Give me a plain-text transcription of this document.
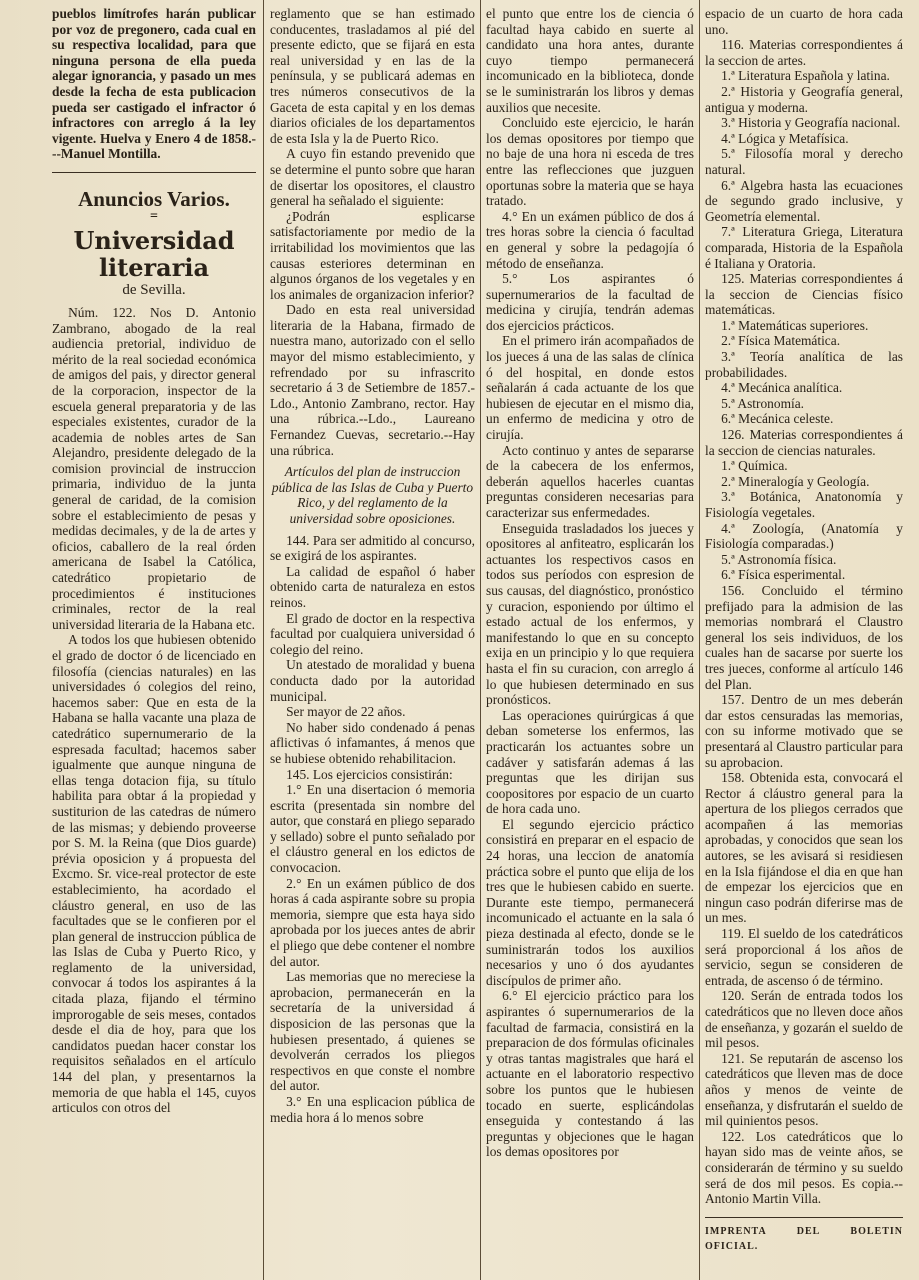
pueblos limítrofes harán publicar por voz de pregonero, cada cual en su respectiva localidad, para que ninguna persona de ella pueda alegar ignorancia, y pasado un mes desde la fecha de esta publicacion pueda ser castigado el infractor ó infractores con arreglo á la ley vigente. Huelva y Enero 4 de 1858.---Manuel Montilla.

Anuncios Varios.
=
Universidad literaria
de Sevilla.

Núm. 122. Nos D. Antonio Zambrano, abogado de la real audiencia pretorial, individuo de mérito de la real sociedad económica de amigos del pais, y director general de la corporacion, inspector de la escuela general preparatoria y de las especiales existentes, curador de la academia de nobles artes de San Alejandro, presidente delegado de la comision provincial de instruccion primaria, individuo de la junta general de caridad, de la comision sobre el establecimiento de pesas y medidas decimales, y de la de artes y oficios, caballero de la real órden americana de Isabel la Católica, catedrático propietario de procedimientos é instituciones criminales, rector de la real universidad literaria de la Habana etc.

A todos los que hubiesen obtenido el grado de doctor ó de licenciado en filosofía (ciencias naturales) en las universidades ó colegios del reino, hacemos saber: Que en esta de la Habana se halla vacante una plaza de catedrático supernumerario de la espresada facultad; hacemos saber igualmente que aunque ninguna de ellas tenga dotacion fija, su título habilita para obtar á la propiedad y sustiturion de las catedras de número de las mismas; y debiendo proveerse por S. M. la Reina (que Dios guarde) prévia oposicion y á propuesta del Excmo. Sr. vice-real protector de este establecimiento, ha acordado el cláustro general, en uso de las facultades que se le confieren por el plan general de instruccion pública de las Islas de Cuba y Puerto Rico, y reglamento de la universidad, convocar á todos los aspirantes á la citada plaza, fijando el término improrogable de seis meses, contados desde el dia de hoy, para que los candidatos puedan hacer constar los requisitos señalados en el artículo 144 del plan, y presentarnos la memoria de que habla el 145, cuyos articulos con otros del

reglamento que se han estimado conducentes, trasladamos al pié del presente edicto, que se fijará en esta real universidad y en las de la península, y se publicará ademas en tres números consecutivos de la Gaceta de esta capital y en los demas diarios oficiales de los departamentos de esta Isla y la de Puerto Rico.

A cuyo fin estando prevenido que se determine el punto sobre que haran de disertar los opositores, el claustro general ha señalado el siguiente:

¿Podrán esplicarse satisfactoriamente por medio de la irritabilidad los movimientos que las causas esteriores determinan en algunos órganos de los vegetales y en los animales de organizacion inferior?

Dado en esta real universidad literaria de la Habana, firmado de nuestra mano, autorizado con el sello mayor del mismo establecimiento, y refrendado por su infrascrito secretario á 3 de Setiembre de 1857.-Ldo., Antonio Zambrano, rector. Hay una rúbrica.--Ldo., Laureano Fernandez Cuevas, secretario.--Hay una rúbrica.

Artículos del plan de instruccion pública de las Islas de Cuba y Puerto Rico, y del reglamento de la universidad sobre oposiciones.

144. Para ser admitido al concurso, se exigirá de los aspirantes.

La calidad de español ó haber obtenido carta de naturaleza en estos reinos.

El grado de doctor en la respectiva facultad por cualquiera universidad ó colegio del reino.

Un atestado de moralidad y buena conducta dado por la autoridad municipal.

Ser mayor de 22 años.

No haber sido condenado á penas aflictivas ó infamantes, á menos que se hubiese obtenido rehabilitacion.

145. Los ejercicios consistirán:

1.° En una disertacion ó memoria escrita (presentada sin nombre del autor, que constará en pliego separado y sellado) sobre el punto señalado por el cláustro general en los edictos de convocacion.

2.° En un exámen público de dos horas á cada aspirante sobre su propia memoria, siempre que esta haya sido aprobada por los jueces antes de abrir el pliego que debe contener el nombre del autor.

Las memorias que no mereciese la aprobacion, permanecerán en la secretaría de la universidad á disposicion de las personas que la hubiesen presentado, á quienes se devolverán cerrados los pliegos respectivos en que conste el nombre del autor.

3.° En una esplicacion pública de media hora á lo menos sobre

el punto que entre los de ciencia ó facultad haya cabido en suerte al candidato una hora antes, durante cuyo tiempo permanecerá incomunicado en la biblioteca, donde se le suministrarán los libros y demas auxilios que necesite.

Concluido este ejercicio, le harán los demas opositores por tiempo que no baje de una hora ni esceda de tres entre las reflecciones que juzguen oportunas sobre la materia que se haya tratado.

4.° En un exámen público de dos á tres horas sobre la ciencia ó facultad en general y sobre la pedagojía ó método de enseñanza.

5.° Los aspirantes ó supernumerarios de la facultad de medicina y cirujía, tendrán ademas dos ejercicios prácticos.

En el primero irán acompañados de los jueces á una de las salas de clínica ó del hospital, en donde estos señalarán á cada actuante de los que hubiesen de ejecutar en el mismo dia, un enfermo de medicina y otro de cirujía.

Acto continuo y antes de separarse de la cabecera de los enfermos, deberán aquellos hacerles cuantas preguntas consideren necesarias para caracterizar sus enfermedades.

Enseguida trasladados los jueces y opositores al anfiteatro, esplicarán los actuantes los respectivos casos en todos sus períodos con espresion de sus causas, del diagnóstico, pronóstico y curacion, esponiendo por último el estado actual de los enfermos, y manifestando lo que en su concepto exija en un principio y lo que requiera hasta el fin su curacion, con arreglo á lo que hubiesen determinado en sus pronósticos.

Las operaciones quirúrgicas á que deban someterse los enfermos, las practicarán los actuantes sobre un cadáver y satisfarán ademas á las preguntas que les dirijan sus coopositores por espacio de un cuarto de hora cada uno.

El segundo ejercicio práctico consistirá en preparar en el espacio de 24 horas, una leccion de anatomía práctica sobre el punto que elija de los tres que le hubiesen cabido en suerte. Durante este tiempo, permanecerá incomunicado el actuante en la sala ó pieza destinada al efecto, donde se le suministrarán todos los auxilios necesarios y uno ó dos ayudantes discípulos de primer año.

6.° El ejercicio práctico para los aspirantes ó supernumerarios de la facultad de farmacia, consistirá en la preparacion de dos fórmulas oficinales y otras tantas magistrales que hará el actuante en el laboratorio respectivo sobre los puntos que le hubiesen tocado en suerte, esplicándolas enseguida y contestando á las preguntas y objeciones que le hagan los demas opositores por

espacio de un cuarto de hora cada uno.

116. Materias correspondientes á la seccion de artes.

1.ª Literatura Española y latina.

2.ª Historia y Geografía general, antigua y moderna.

3.ª Historia y Geografía nacional.

4.ª Lógica y Metafísica.

5.ª Filosofía moral y derecho natural.

6.ª Algebra hasta las ecuaciones de segundo grado inclusive, y Geometría elemental.

7.ª Literatura Griega, Literatura comparada, Historia de la Española é Italiana y Oratoria.

125. Materias correspondientes á la seccion de Ciencias físico matemáticas.

1.ª Matemáticas superiores.

2.ª Física Matemática.

3.ª Teoría analítica de las probabilidades.

4.ª Mecánica analítica.

5.ª Astronomía.

6.ª Mecánica celeste.

126. Materias correspondientes á la seccion de ciencias naturales.

1.ª Química.

2.ª Mineralogía y Geología.

3.ª Botánica, Anatonomía y Fisiología vegetales.

4.ª Zoología, (Anatomía y Fisiología comparadas.)

5.ª Astronomía física.

6.ª Física esperimental.

156. Concluido el término prefijado para la admision de las memorias nombrará el Claustro general los seis individuos, de los cuales han de sacarse por suerte los tres jueces, conforme al artículo 146 del Plan.

157. Dentro de un mes deberán dar estos censuradas las memorias, con su informe motivado que se presentará al Claustro particular para su aprobacion.

158. Obtenida esta, convocará el Rector á cláustro general para la apertura de los pliegos cerrados que acompañen á las memorias aprobadas, y conocidos que sean los autores, se les avisará si residiesen en la Isla fijándose el dia en que han de empezar los ejercicios que en ningun caso podrán diferirse mas de un mes.

119. El sueldo de los catedráticos será proporcional á los años de servicio, segun se consideren de entrada, de ascenso ó de término.

120. Serán de entrada todos los catedráticos que no lleven doce años de enseñanza, y gozarán el sueldo de mil pesos.

121. Se reputarán de ascenso los catedráticos que lleven mas de doce años y menos de veinte de enseñanza, y disfrutarán el sueldo de mil quinientos pesos.

122. Los catedráticos que lo hayan sido mas de veinte años, se considerarán de término y su sueldo será de dos mil pesos. Es copia.--Antonio Martin Villa.

IMPRENTA DEL BOLETIN OFICIAL.
